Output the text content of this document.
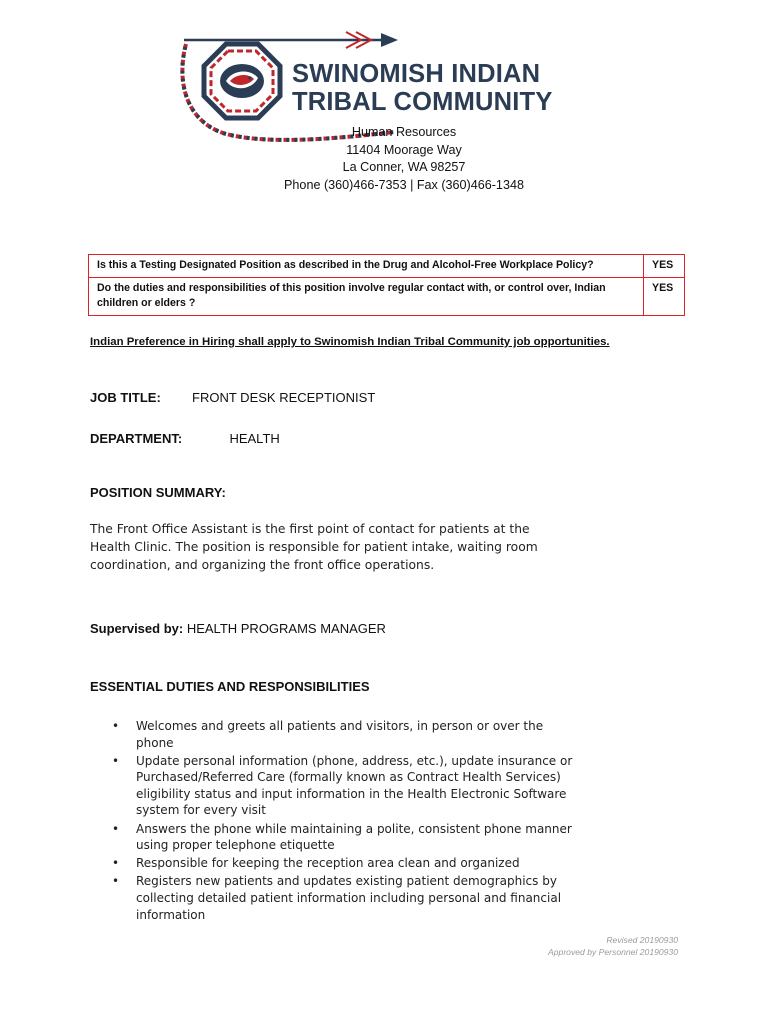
SWINOMISH INDIAN
TRIBAL COMMUNITY
Human Resources
11404 Moorage Way
La Conner, WA 98257
Phone (360)466-7353 | Fax (360)466-1348
Is this a Testing Designated Position as described in the Drug and Alcohol-Free Workplace Policy?	YES
Do the duties and responsibilities of this position involve regular contact with, or control over, Indian children or elders ?	YES
Indian Preference in Hiring shall apply to Swinomish Indian Tribal Community job opportunities.
JOB TITLE: FRONT DESK RECEPTIONIST
DEPARTMENT:	HEALTH
POSITION SUMMARY:
The Front Office Assistant is the first point of contact for patients at the Health Clinic. The position is responsible for patient intake, waiting room coordination, and organizing the front office operations.
Supervised by: HEALTH PROGRAMS MANAGER
ESSENTIAL DUTIES AND RESPONSIBILITIES
• Welcomes and greets all patients and visitors, in person or over the phone
• Update personal information (phone, address, etc.), update insurance or Purchased/Referred Care (formally known as Contract Health Services) eligibility status and input information in the Health Electronic Software system for every visit
• Answers the phone while maintaining a polite, consistent phone manner using proper telephone etiquette
• Responsible for keeping the reception area clean and organized
• Registers new patients and updates existing patient demographics by collecting detailed patient information including personal and financial information
Revised 20190930
Approved by Personnel 20190930
